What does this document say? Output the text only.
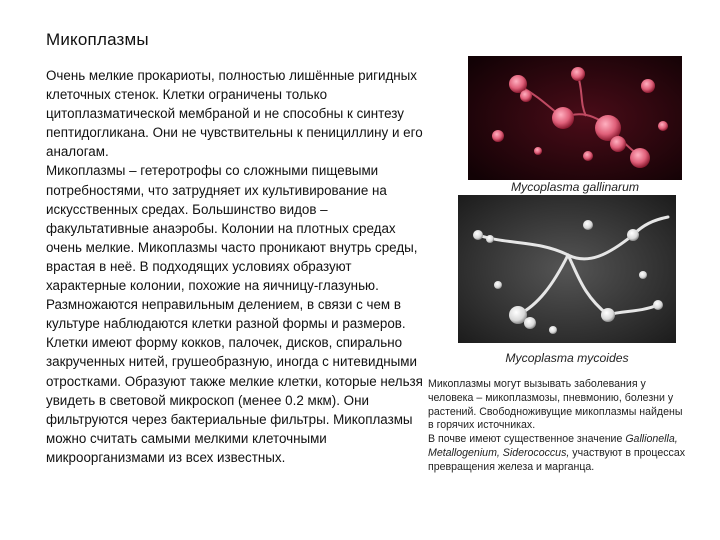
Микоплазмы

Очень мелкие прокариоты, полностью лишённые ригидных клеточных стенок. Клетки ограничены только цитоплазматической мембраной и не способны к синтезу пептидогликана. Они не чувствительны к пенициллину и его аналогам.

Микоплазмы – гетеротрофы со сложными пищевыми потребностями, что затрудняет их культивирование на искусственных средах. Большинство видов – факультативные анаэробы. Колонии на плотных средах очень мелкие. Микоплазмы часто проникают внутрь среды, врастая в неё. В подходящих условиях образуют характерные колонии, похожие на яичницу-глазунью.

Размножаются неправильным делением, в связи с чем в культуре наблюдаются клетки разной формы и размеров. Клетки имеют форму кокков, палочек, дисков, спирально закрученных нитей, грушеобразную, иногда с нитевидными отростками. Образуют также мелкие клетки, которые нельзя увидеть в световой микроскоп (менее 0.2 мкм). Они фильтруются через бактериальные фильтры. Микоплазмы можно считать самыми мелкими клеточными микроорганизмами из всех известных.

Mycoplasma gallinarum
Mycoplasma mycoides

Микоплазмы могут вызывать заболевания у человека – микоплазмозы, пневмонию, болезни у растений. Свободноживущие микоплазмы найдены в горячих источниках.

В почве имеют существенное значение Gallionella, Metallogenium, Siderococcus, участвуют в процессах превращения железа и марганца.
